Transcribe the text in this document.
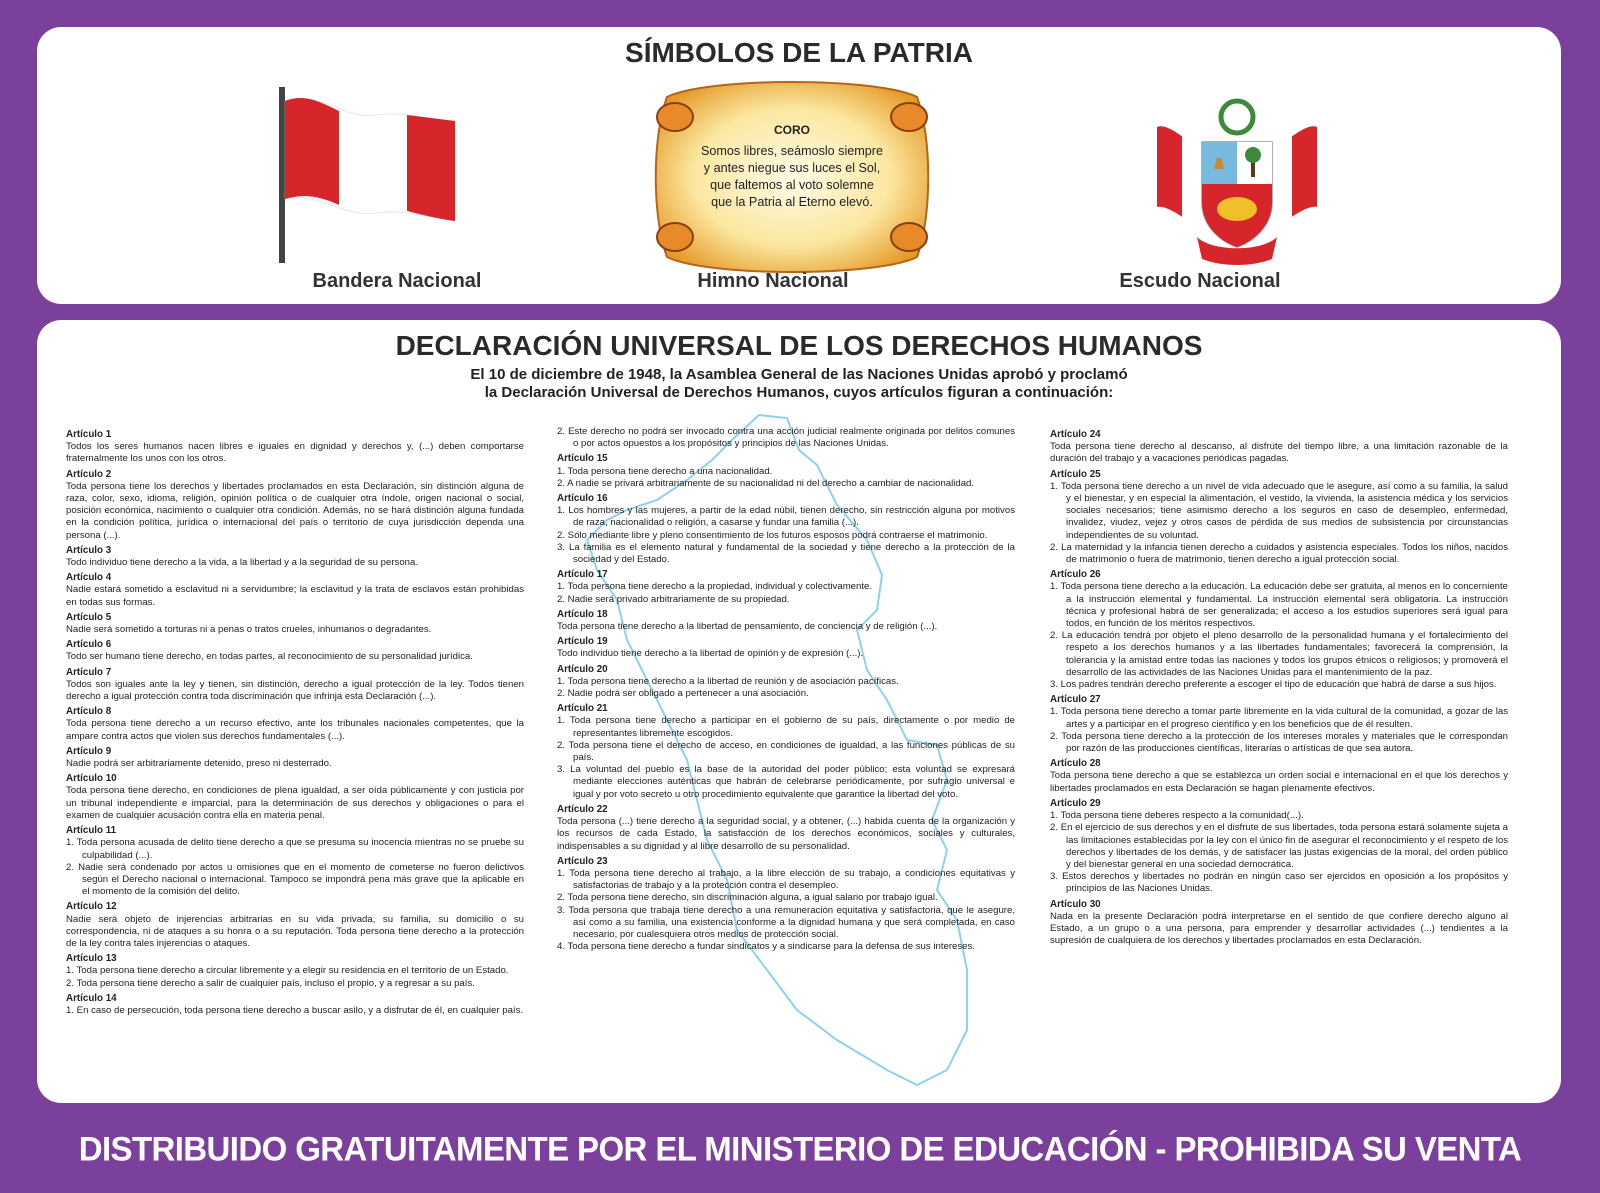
SÍMBOLOS DE LA PATRIA
CORO
Somos libres, seámoslo siempre
y antes niegue sus luces el Sol,
que faltemos al voto solemne
que la Patria al Eterno elevó.
Bandera Nacional	Himno Nacional	Escudo Nacional
DECLARACIÓN UNIVERSAL DE LOS DERECHOS HUMANOS
El 10 de diciembre de 1948, la Asamblea General de las Naciones Unidas aprobó y proclamó
la Declaración Universal de Derechos Humanos, cuyos artículos figuran a continuación:
Artículo 1
Todos los seres humanos nacen libres e iguales en dignidad y derechos y, (...) deben comportarse fraternalmente los unos con los otros.
Artículo 2
Toda persona tiene los derechos y libertades proclamados en esta Declaración, sin distinción alguna de raza, color, sexo, idioma, religión, opinión política o de cualquier otra índole, origen nacional o social, posición económica, nacimiento o cualquier otra condición. Además, no se hará distinción alguna fundada en la condición política, jurídica o internacional del país o territorio de cuya jurisdicción dependa una persona (...).
Artículo 3
Todo individuo tiene derecho a la vida, a la libertad y a la seguridad de su persona.
Artículo 4
Nadie estará sometido a esclavitud ni a servidumbre; la esclavitud y la trata de esclavos están prohibidas en todas sus formas.
Artículo 5
Nadie será sometido a torturas ni a penas o tratos crueles, inhumanos o degradantes.
Artículo 6
Todo ser humano tiene derecho, en todas partes, al reconocimiento de su personalidad jurídica.
Artículo 7
Todos son iguales ante la ley y tienen, sin distinción, derecho a igual protección de la ley. Todos tienen derecho a igual protección contra toda discriminación que infrinja esta Declaración (...).
Artículo 8
Toda persona tiene derecho a un recurso efectivo, ante los tribunales nacionales competentes, que la ampare contra actos que violen sus derechos fundamentales (...).
Artículo 9
Nadie podrá ser arbitrariamente detenido, preso ni desterrado.
Artículo 10
Toda persona tiene derecho, en condiciones de plena igualdad, a ser oída públicamente y con justicia por un tribunal independiente e imparcial, para la determinación de sus derechos y obligaciones o para el examen de cualquier acusación contra ella en materia penal.
Artículo 11
1. Toda persona acusada de delito tiene derecho a que se presuma su inocencia mientras no se pruebe su culpabilidad (...).
2. Nadie será condenado por actos u omisiones que en el momento de cometerse no fueron delictivos según el Derecho nacional o internacional. Tampoco se impondrá pena más grave que la aplicable en el momento de la comisión del delito.
Artículo 12
Nadie será objeto de injerencias arbitrarias en su vida privada, su familia, su domicilio o su correspondencia, ni de ataques a su honra o a su reputación. Toda persona tiene derecho a la protección de la ley contra tales injerencias o ataques.
Artículo 13
1. Toda persona tiene derecho a circular libremente y a elegir su residencia en el territorio de un Estado.
2. Toda persona tiene derecho a salir de cualquier país, incluso el propio, y a regresar a su país.
Artículo 14
1. En caso de persecución, toda persona tiene derecho a buscar asilo, y a disfrutar de él, en cualquier país.
2. Este derecho no podrá ser invocado contra una acción judicial realmente originada por delitos comunes o por actos opuestos a los propósitos y principios de las Naciones Unidas.
Artículo 15
1. Toda persona tiene derecho a una nacionalidad.
2. A nadie se privará arbitrariamente de su nacionalidad ni del derecho a cambiar de nacionalidad.
Artículo 16
1. Los hombres y las mujeres, a partir de la edad núbil, tienen derecho, sin restricción alguna por motivos de raza, nacionalidad o religión, a casarse y fundar una familia (...).
2. Sólo mediante libre y pleno consentimiento de los futuros esposos podrá contraerse el matrimonio.
3. La familia es el elemento natural y fundamental de la sociedad y tiene derecho a la protección de la sociedad y del Estado.
Artículo 17
1. Toda persona tiene derecho a la propiedad, individual y colectivamente.
2. Nadie será privado arbitrariamente de su propiedad.
Artículo 18
Toda persona tiene derecho a la libertad de pensamiento, de conciencia y de religión (...).
Artículo 19
Todo individuo tiene derecho a la libertad de opinión y de expresión (...).
Artículo 20
1. Toda persona tiene derecho a la libertad de reunión y de asociación pacíficas.
2. Nadie podrá ser obligado a pertenecer a una asociación.
Artículo 21
1. Toda persona tiene derecho a participar en el gobierno de su país, directamente o por medio de representantes libremente escogidos.
2. Toda persona tiene el derecho de acceso, en condiciones de igualdad, a las funciones públicas de su país.
3. La voluntad del pueblo es la base de la autoridad del poder público; esta voluntad se expresará mediante elecciones auténticas que habrán de celebrarse periódicamente, por sufragio universal e igual y por voto secreto u otro procedimiento equivalente que garantice la libertad del voto.
Artículo 22
Toda persona (...) tiene derecho a la seguridad social, y a obtener, (...) habida cuenta de la organización y los recursos de cada Estado, la satisfacción de los derechos económicos, sociales y culturales, indispensables a su dignidad y al libre desarrollo de su personalidad.
Artículo 23
1. Toda persona tiene derecho al trabajo, a la libre elección de su trabajo, a condiciones equitativas y satisfactorias de trabajo y a la protección contra el desempleo.
2. Toda persona tiene derecho, sin discriminación alguna, a igual salario por trabajo igual.
3. Toda persona que trabaja tiene derecho a una remuneración equitativa y satisfactoria, que le asegure, así como a su familia, una existencia conforme a la dignidad humana y que será completada, en caso necesario, por cualesquiera otros medios de protección social.
4. Toda persona tiene derecho a fundar sindicatos y a sindicarse para la defensa de sus intereses.
Artículo 24
Toda persona tiene derecho al descanso, al disfrute del tiempo libre, a una limitación razonable de la duración del trabajo y a vacaciones periódicas pagadas.
Artículo 25
1. Toda persona tiene derecho a un nivel de vida adecuado que le asegure, así como a su familia, la salud y el bienestar, y en especial la alimentación, el vestido, la vivienda, la asistencia médica y los servicios sociales necesarios; tiene asimismo derecho a los seguros en caso de desempleo, enfermedad, invalidez, viudez, vejez y otros casos de pérdida de sus medios de subsistencia por circunstancias independientes de su voluntad.
2. La maternidad y la infancia tienen derecho a cuidados y asistencia especiales. Todos los niños, nacidos de matrimonio o fuera de matrimonio, tienen derecho a igual protección social.
Artículo 26
1. Toda persona tiene derecho a la educación. La educación debe ser gratuita, al menos en lo concerniente a la instrucción elemental y fundamental. La instrucción elemental será obligatoria. La instrucción técnica y profesional habrá de ser generalizada; el acceso a los estudios superiores será igual para todos, en función de los méritos respectivos.
2. La educación tendrá por objeto el pleno desarrollo de la personalidad humana y el fortalecimiento del respeto a los derechos humanos y a las libertades fundamentales; favorecerá la comprensión, la tolerancia y la amistad entre todas las naciones y todos los grupos étnicos o religiosos; y promoverá el desarrollo de las actividades de las Naciones Unidas para el mantenimiento de la paz.
3. Los padres tendrán derecho preferente a escoger el tipo de educación que habrá de darse a sus hijos.
Artículo 27
1. Toda persona tiene derecho a tomar parte libremente en la vida cultural de la comunidad, a gozar de las artes y a participar en el progreso científico y en los beneficios que de él resulten.
2. Toda persona tiene derecho a la protección de los intereses morales y materiales que le correspondan por razón de las producciones científicas, literarias o artísticas de que sea autora.
Artículo 28
Toda persona tiene derecho a que se establezca un orden social e internacional en el que los derechos y libertades proclamados en esta Declaración se hagan plenamente efectivos.
Artículo 29
1. Toda persona tiene deberes respecto a la comunidad(...).
2. En el ejercicio de sus derechos y en el disfrute de sus libertades, toda persona estará solamente sujeta a las limitaciones establecidas por la ley con el único fin de asegurar el reconocimiento y el respeto de los derechos y libertades de los demás, y de satisfacer las justas exigencias de la moral, del orden público y del bienestar general en una sociedad democrática.
3. Estos derechos y libertades no podrán en ningún caso ser ejercidos en oposición a los propósitos y principios de las Naciones Unidas.
Artículo 30
Nada en la presente Declaración podrá interpretarse en el sentido de que confiere derecho alguno al Estado, a un grupo o a una persona, para emprender y desarrollar actividades (...) tendientes a la supresión de cualquiera de los derechos y libertades proclamados en esta Declaración.
DISTRIBUIDO GRATUITAMENTE POR EL MINISTERIO DE EDUCACIÓN - PROHIBIDA SU VENTA
